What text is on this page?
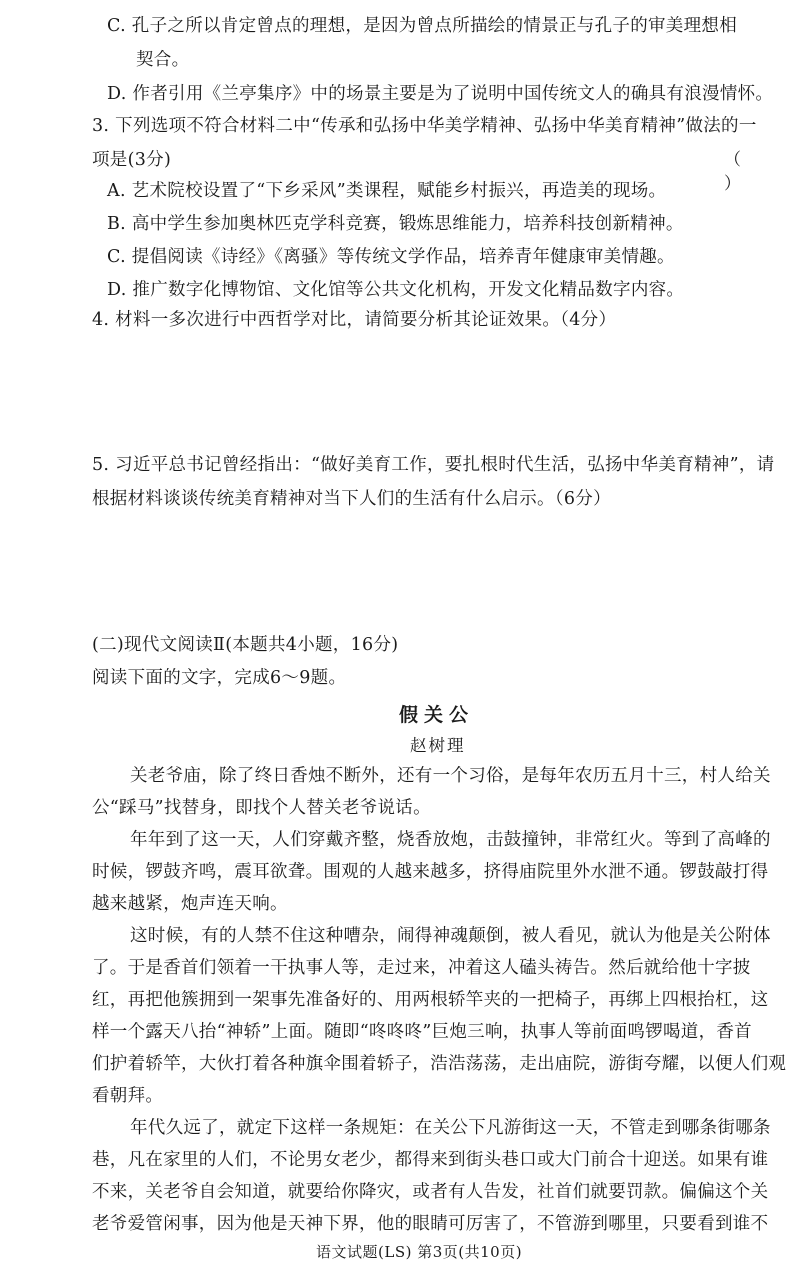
C. 孔子之所以肯定曾点的理想，是因为曾点所描绘的情景正与孔子的审美理想相
契合。
D. 作者引用《兰亭集序》中的场景主要是为了说明中国传统文人的确具有浪漫情怀。
3. 下列选项不符合材料二中“传承和弘扬中华美学精神、弘扬中华美育精神”做法的一
项是(3分)	（ ）
A. 艺术院校设置了“下乡采风”类课程，赋能乡村振兴，再造美的现场。
B. 高中学生参加奥林匹克学科竞赛，锻炼思维能力，培养科技创新精神。
C. 提倡阅读《诗经》《离骚》等传统文学作品，培养青年健康审美情趣。
D. 推广数字化博物馆、文化馆等公共文化机构，开发文化精品数字内容。
4. 材料一多次进行中西哲学对比，请简要分析其论证效果。（4分）
5. 习近平总书记曾经指出：“做好美育工作，要扎根时代生活，弘扬中华美育精神”，请
根据材料谈谈传统美育精神对当下人们的生活有什么启示。（6分）
(二)现代文阅读Ⅱ(本题共4小题，16分)
阅读下面的文字，完成6～9题。
假关公
赵树理
关老爷庙，除了终日香烛不断外，还有一个习俗，是每年农历五月十三，村人给关
公“踩马”找替身，即找个人替关老爷说话。
年年到了这一天，人们穿戴齐整，烧香放炮，击鼓撞钟，非常红火。等到了高峰的
时候，锣鼓齐鸣，震耳欲聋。围观的人越来越多，挤得庙院里外水泄不通。锣鼓敲打得
越来越紧，炮声连天响。
这时候，有的人禁不住这种嘈杂，闹得神魂颠倒，被人看见，就认为他是关公附体
了。于是香首们领着一干执事人等，走过来，冲着这人磕头祷告。然后就给他十字披
红，再把他簇拥到一架事先准备好的、用两根轿竿夹的一把椅子，再绑上四根抬杠，这
样一个露天八抬“神轿”上面。随即“咚咚咚”巨炮三响，执事人等前面鸣锣喝道，香首
们护着轿竿，大伙打着各种旗伞围着轿子，浩浩荡荡，走出庙院，游街夸耀，以便人们观
看朝拜。
年代久远了，就定下这样一条规矩：在关公下凡游街这一天，不管走到哪条街哪条
巷，凡在家里的人们，不论男女老少，都得来到街头巷口或大门前合十迎送。如果有谁
不来，关老爷自会知道，就要给你降灾，或者有人告发，社首们就要罚款。偏偏这个关
老爷爱管闲事，因为他是天神下界，他的眼睛可厉害了，不管游到哪里，只要看到谁不
语文试题(LS) 第3页(共10页)
